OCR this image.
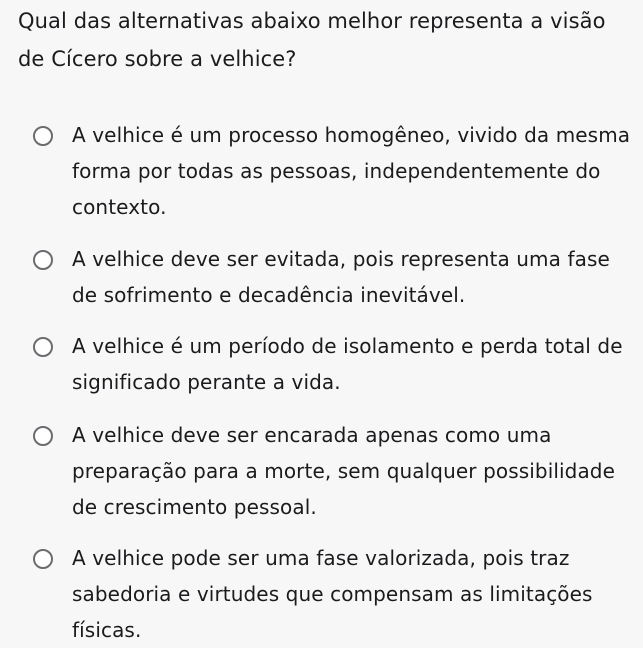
Qual das alternativas abaixo melhor representa a visão de Cícero sobre a velhice?
A velhice é um processo homogêneo, vivido da mesma forma por todas as pessoas, independentemente do contexto.
A velhice deve ser evitada, pois representa uma fase de sofrimento e decadência inevitável.
A velhice é um período de isolamento e perda total de significado perante a vida.
A velhice deve ser encarada apenas como uma preparação para a morte, sem qualquer possibilidade de crescimento pessoal.
A velhice pode ser uma fase valorizada, pois traz sabedoria e virtudes que compensam as limitações físicas.
